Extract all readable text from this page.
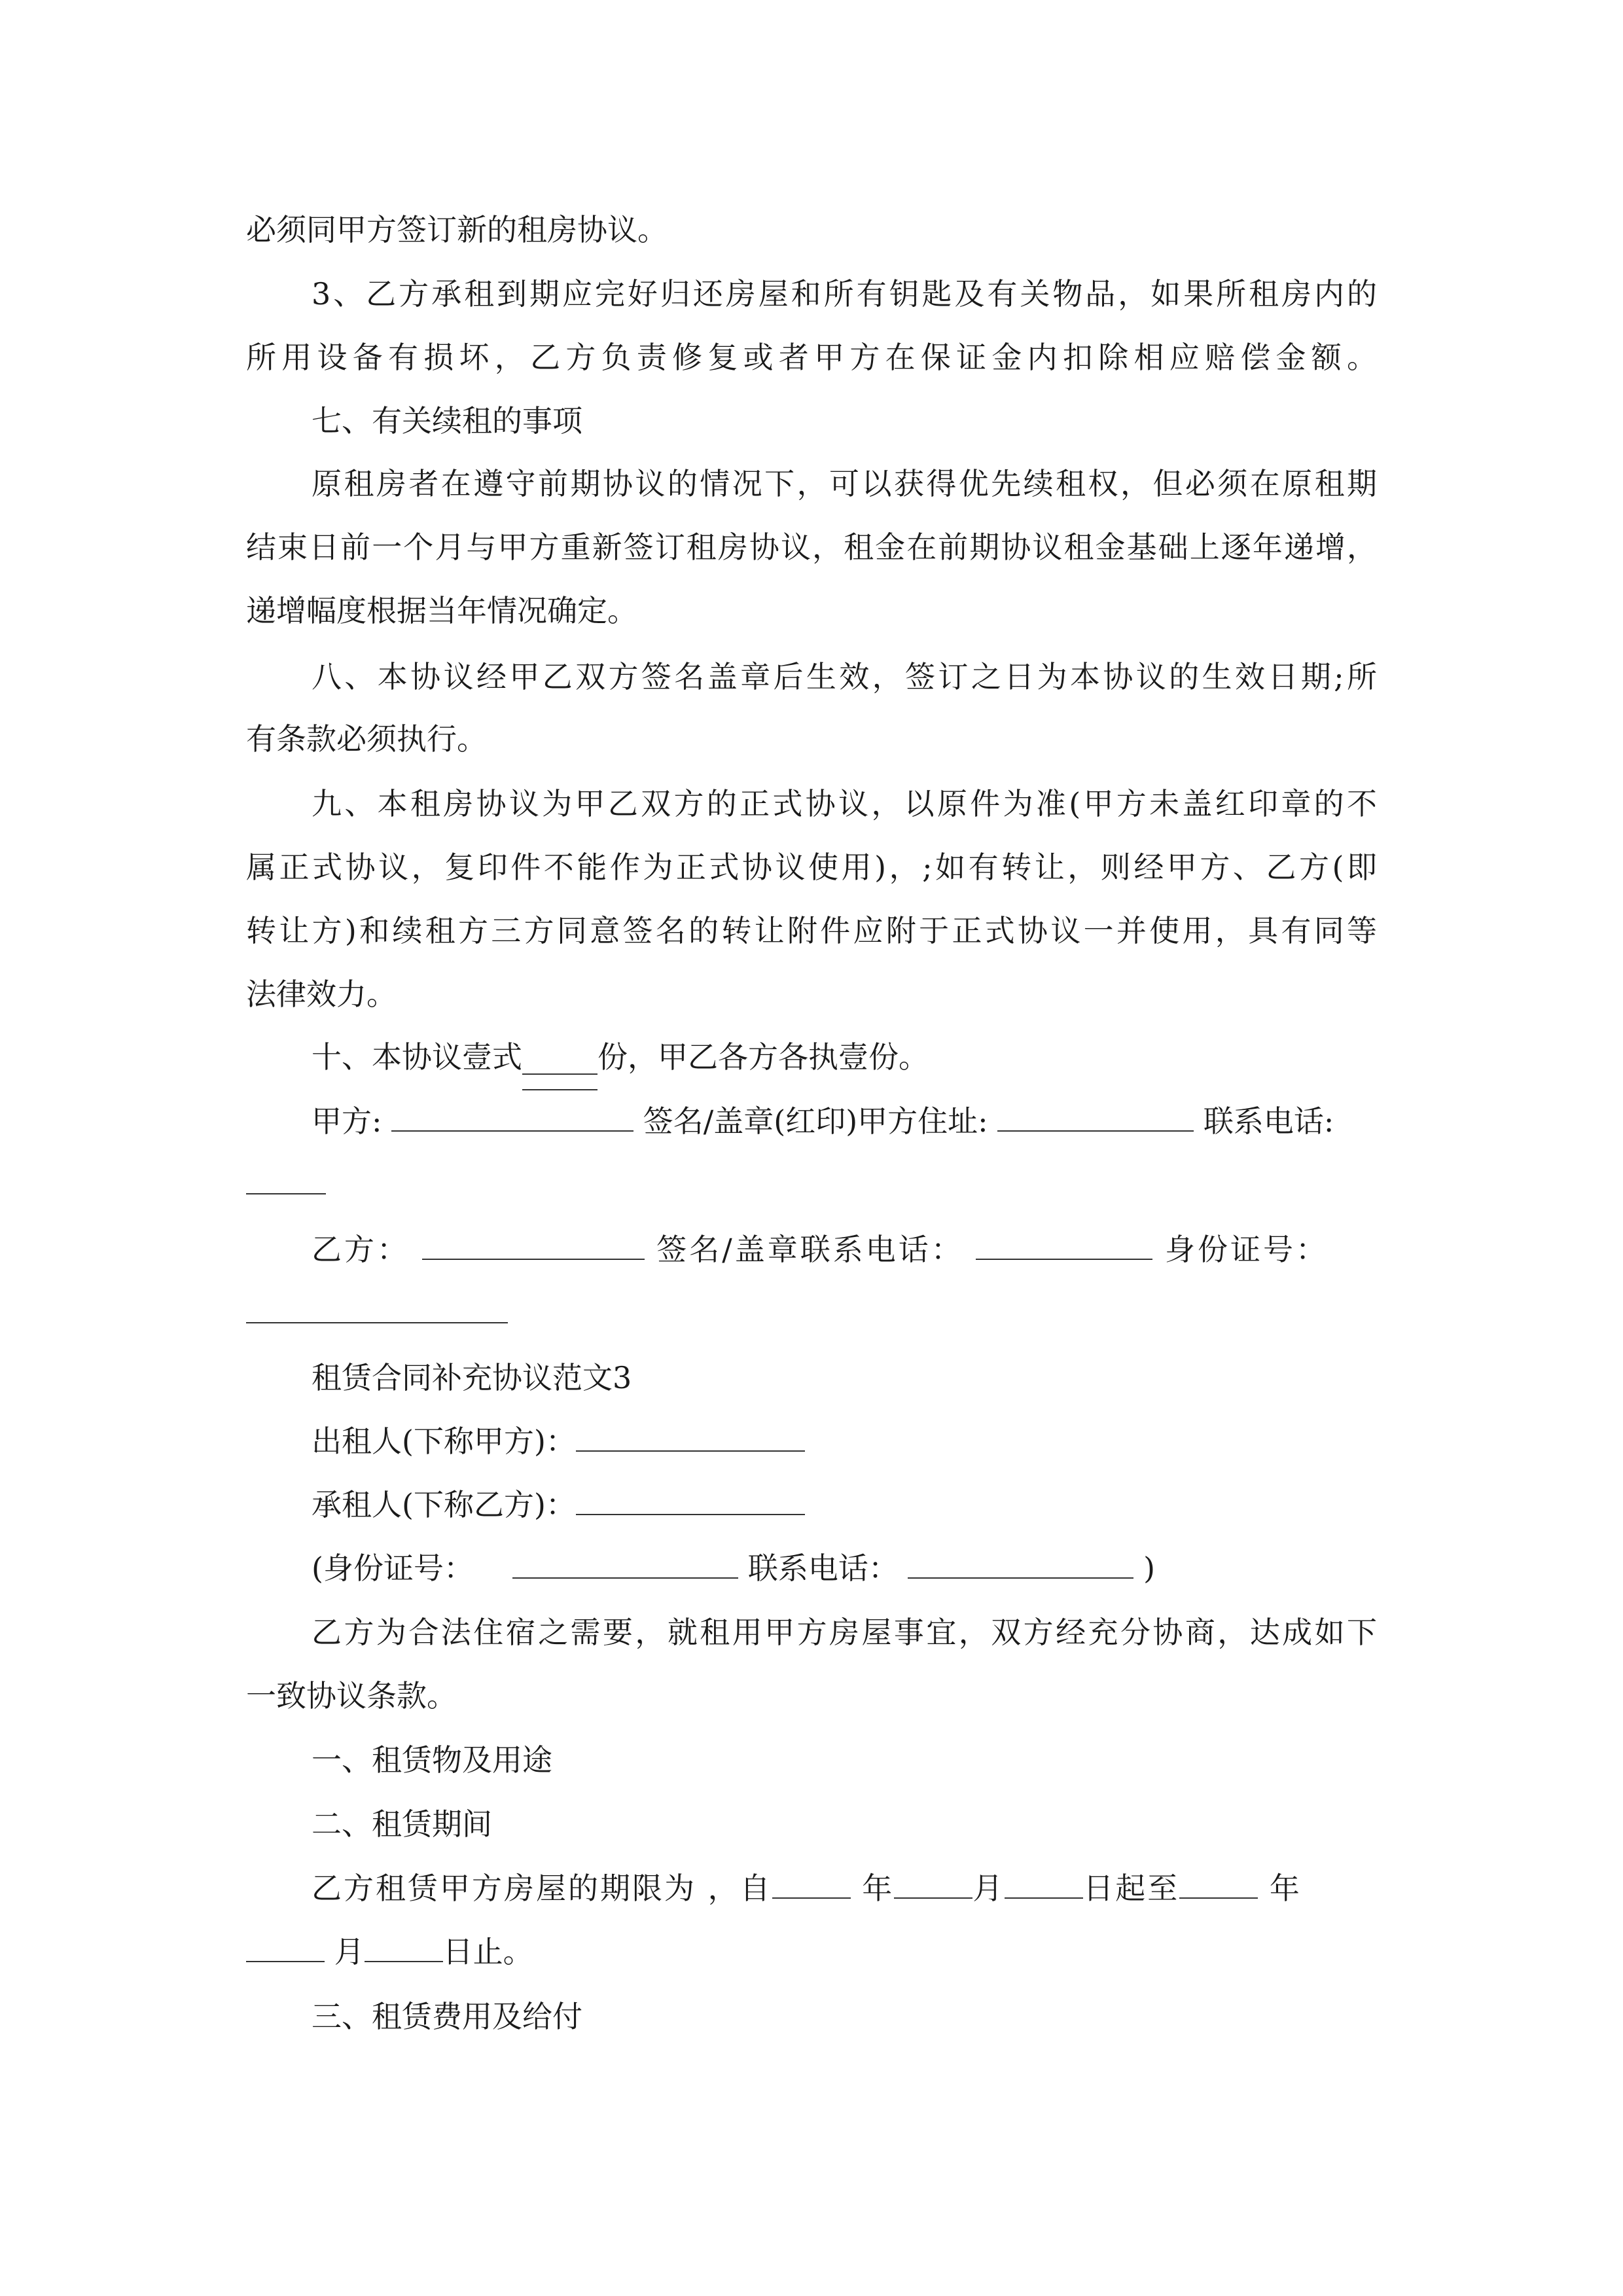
必须同甲方签订新的租房协议。
3、乙方承租到期应完好归还房屋和所有钥匙及有关物品，如果所租房内的
所用设备有损坏，乙方负责修复或者甲方在保证金内扣除相应赔偿金额。
七、有关续租的事项
原租房者在遵守前期协议的情况下，可以获得优先续租权，但必须在原租期
结束日前一个月与甲方重新签订租房协议，租金在前期协议租金基础上逐年递增，
递增幅度根据当年情况确定。
八、本协议经甲乙双方签名盖章后生效，签订之日为本协议的生效日期;所
有条款必须执行。
九、本租房协议为甲乙双方的正式协议，以原件为准(甲方未盖红印章的不
属正式协议，复印件不能作为正式协议使用)，;如有转让，则经甲方、乙方(即
转让方)和续租方三方同意签名的转让附件应附于正式协议一并使用，具有同等
法律效力。
十、本协议壹式_____份，甲乙各方各执壹份。
甲方:	签名/盖章(红印)甲方住址:	联系电话:
乙方：	签名/盖章联系电话：	身份证号：
租赁合同补充协议范文3
出租人(下称甲方)：
承租人(下称乙方)：
(身份证号：	联系电话：	)
乙方为合法住宿之需要，就租用甲方房屋事宜，双方经充分协商，达成如下
一致协议条款。
一、租赁物及用途
二、租赁期间
乙方租赁甲方房屋的期限为 ，自	年	月	日起至	年
月	日止。
三、租赁费用及给付
